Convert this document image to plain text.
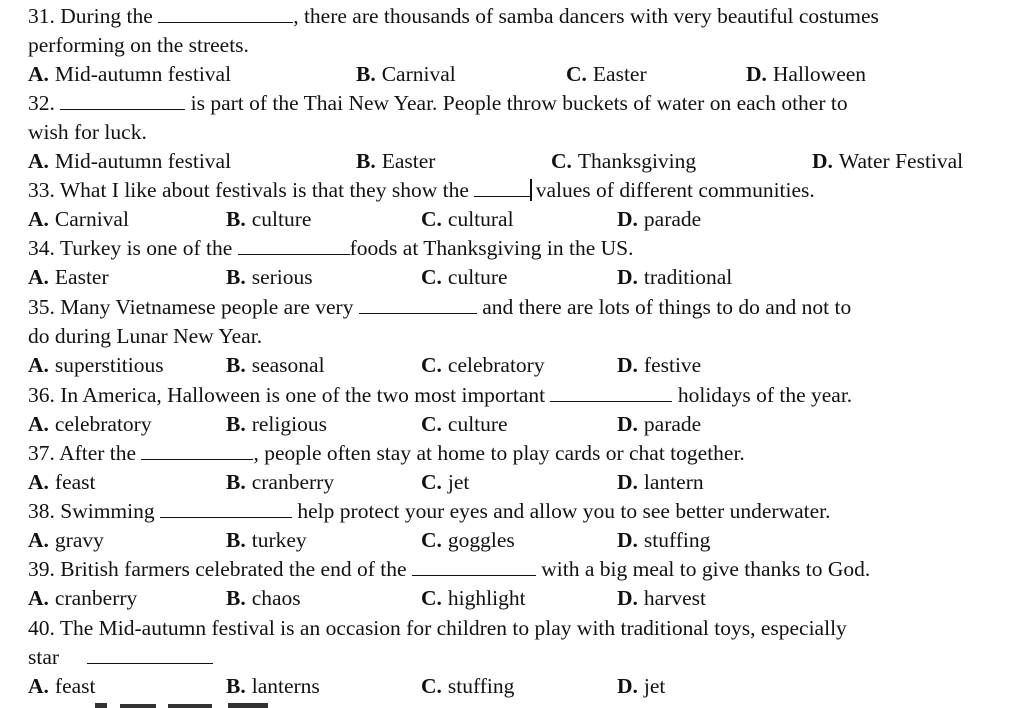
31. During the	, there are thousands of samba dancers with very beautiful costumes
performing on the streets.
A. Mid-autumn festival	B. Carnival	C. Easter	D. Halloween
32.	is part of the Thai New Year. People throw buckets of water on each other to
wish for luck.
A. Mid-autumn festival	B. Easter	C. Thanksgiving	D. Water Festival
33. What I like about festivals is that they show the	values of different communities.
A. Carnival	B. culture	C. cultural	D. parade
34. Turkey is one of the	foods at Thanksgiving in the US.
A. Easter	B. serious	C. culture	D. traditional
35. Many Vietnamese people are very	and there are lots of things to do and not to
do during Lunar New Year.
A. superstitious	B. seasonal	C. celebratory	D. festive
36. In America, Halloween is one of the two most important	holidays of the year.
A. celebratory	B. religious	C. culture	D. parade
37. After the	, people often stay at home to play cards or chat together.
A. feast	B. cranberry	C. jet	D. lantern
38. Swimming	help protect your eyes and allow you to see better underwater.
A. gravy	B. turkey	C. goggles	D. stuffing
39. British farmers celebrated the end of the	with a big meal to give thanks to God.
A. cranberry	B. chaos	C. highlight	D. harvest
40. The Mid-autumn festival is an occasion for children to play with traditional toys, especially
star
A. feast	B. lanterns	C. stuffing	D. jet
